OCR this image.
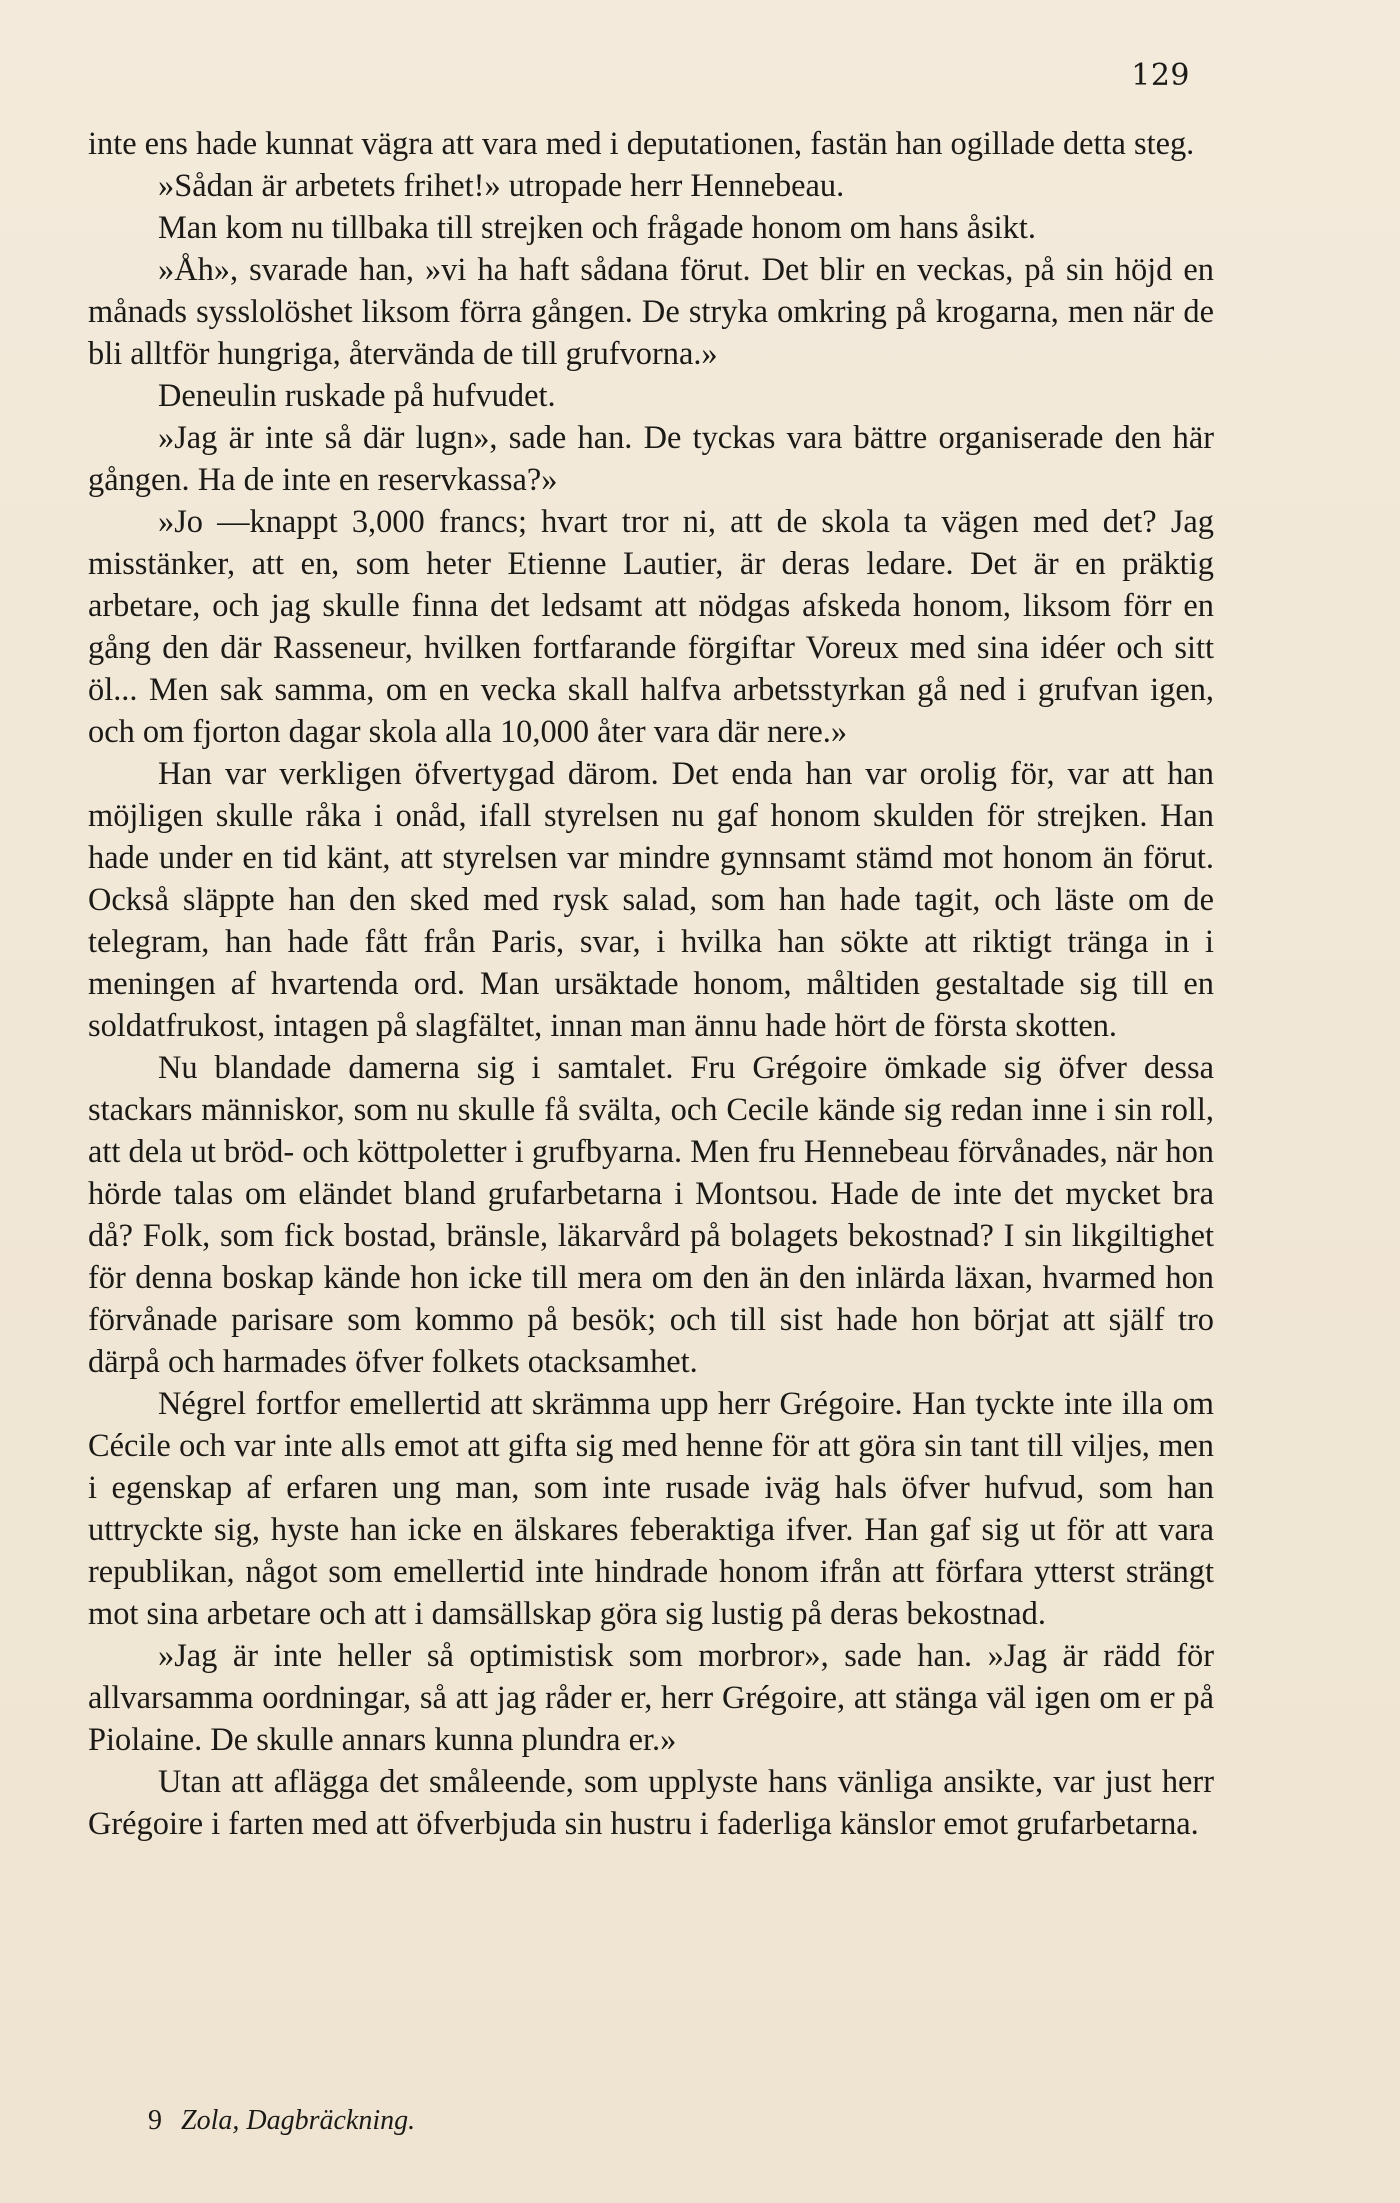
129

inte ens hade kunnat vägra att vara med i deputationen, fastän han ogillade detta steg.

»Sådan är arbetets frihet!» utropade herr Hennebeau.

Man kom nu tillbaka till strejken och frågade honom om hans åsikt.

»Åh», svarade han, »vi ha haft sådana förut. Det blir en veckas, på sin höjd en månads sysslolöshet liksom förra gången. De stryka omkring på krogarna, men när de bli alltför hungriga, återvända de till grufvorna.»

Deneulin ruskade på hufvudet.

»Jag är inte så där lugn», sade han. De tyckas vara bättre organiserade den här gången. Ha de inte en reservkassa?»

»Jo —knappt 3,000 francs; hvart tror ni, att de skola ta vägen med det? Jag misstänker, att en, som heter Etienne Lautier, är deras ledare. Det är en präktig arbetare, och jag skulle finna det ledsamt att nödgas afskeda honom, liksom förr en gång den där Rasseneur, hvilken fortfarande förgiftar Voreux med sina idéer och sitt öl... Men sak samma, om en vecka skall halfva arbetsstyrkan gå ned i grufvan igen, och om fjorton dagar skola alla 10,000 åter vara där nere.»

Han var verkligen öfvertygad därom. Det enda han var orolig för, var att han möjligen skulle råka i onåd, ifall styrelsen nu gaf honom skulden för strejken. Han hade under en tid känt, att styrelsen var mindre gynnsamt stämd mot honom än förut. Också släppte han den sked med rysk salad, som han hade tagit, och läste om de telegram, han hade fått från Paris, svar, i hvilka han sökte att riktigt tränga in i meningen af hvartenda ord. Man ursäktade honom, måltiden gestaltade sig till en soldatfrukost, intagen på slagfältet, innan man ännu hade hört de första skotten.

Nu blandade damerna sig i samtalet. Fru Grégoire ömkade sig öfver dessa stackars människor, som nu skulle få svälta, och Cecile kände sig redan inne i sin roll, att dela ut bröd- och köttpoletter i grufbyarna. Men fru Hennebeau förvånades, när hon hörde talas om eländet bland grufarbetarna i Montsou. Hade de inte det mycket bra då? Folk, som fick bostad, bränsle, läkarvård på bolagets bekostnad? I sin likgiltighet för denna boskap kände hon icke till mera om den än den inlärda läxan, hvarmed hon förvånade parisare som kommo på besök; och till sist hade hon börjat att själf tro därpå och harmades öfver folkets otacksamhet.

Négrel fortfor emellertid att skrämma upp herr Grégoire. Han tyckte inte illa om Cécile och var inte alls emot att gifta sig med henne för att göra sin tant till viljes, men i egenskap af erfaren ung man, som inte rusade iväg hals öfver hufvud, som han uttryckte sig, hyste han icke en älskares feberaktiga ifver. Han gaf sig ut för att vara republikan, något som emellertid inte hindrade honom ifrån att förfara ytterst strängt mot sina arbetare och att i damsällskap göra sig lustig på deras bekostnad.

»Jag är inte heller så optimistisk som morbror», sade han. »Jag är rädd för allvarsamma oordningar, så att jag råder er, herr Grégoire, att stänga väl igen om er på Piolaine. De skulle annars kunna plundra er.»

Utan att aflägga det småleende, som upplyste hans vänliga ansikte, var just herr Grégoire i farten med att öfverbjuda sin hustru i faderliga känslor emot grufarbetarna.

9 Zola, Dagbräckning.
